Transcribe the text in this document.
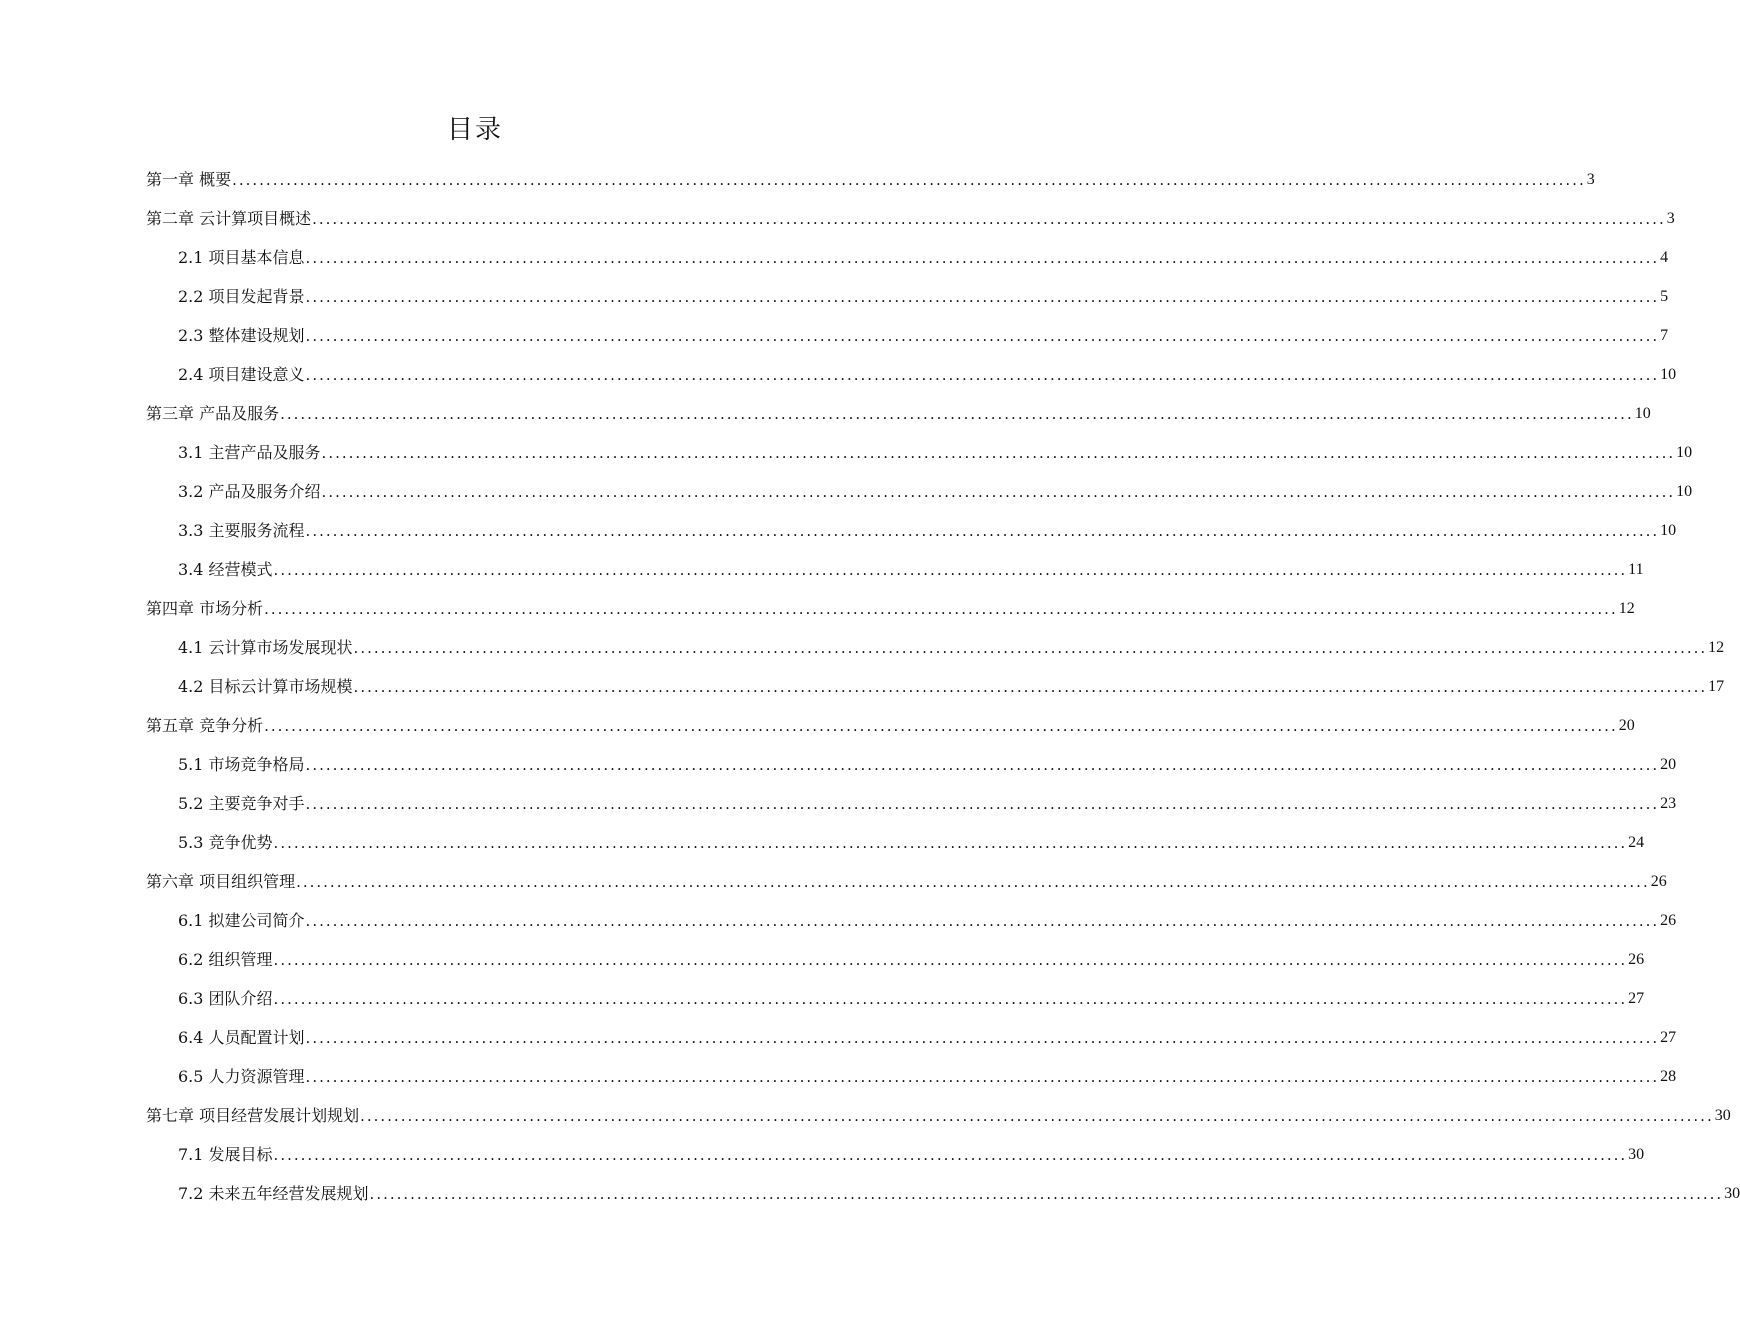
目录
第一章 概要 ........................................................................................................................................................................................................ 3
第二章 云计算项目概述 ........................................................................................................................................................................................................ 3
2.1 项目基本信息 ........................................................................................................................................................................................................ 4
2.2 项目发起背景 ........................................................................................................................................................................................................ 5
2.3 整体建设规划 ........................................................................................................................................................................................................ 7
2.4 项目建设意义 ........................................................................................................................................................................................................ 10
第三章 产品及服务 ........................................................................................................................................................................................................ 10
3.1 主营产品及服务 ........................................................................................................................................................................................................ 10
3.2 产品及服务介绍 ........................................................................................................................................................................................................ 10
3.3 主要服务流程 ........................................................................................................................................................................................................ 10
3.4 经营模式 ........................................................................................................................................................................................................ 11
第四章 市场分析 ........................................................................................................................................................................................................ 12
4.1 云计算市场发展现状 ........................................................................................................................................................................................................ 12
4.2 目标云计算市场规模 ........................................................................................................................................................................................................ 17
第五章 竞争分析 ........................................................................................................................................................................................................ 20
5.1 市场竞争格局 ........................................................................................................................................................................................................ 20
5.2 主要竞争对手 ........................................................................................................................................................................................................ 23
5.3 竞争优势 ........................................................................................................................................................................................................ 24
第六章 项目组织管理 ........................................................................................................................................................................................................ 26
6.1 拟建公司简介 ........................................................................................................................................................................................................ 26
6.2 组织管理 ........................................................................................................................................................................................................ 26
6.3 团队介绍 ........................................................................................................................................................................................................ 27
6.4 人员配置计划 ........................................................................................................................................................................................................ 27
6.5 人力资源管理 ........................................................................................................................................................................................................ 28
第七章 项目经营发展计划规划 ........................................................................................................................................................................................................ 30
7.1 发展目标 ........................................................................................................................................................................................................ 30
7.2 未来五年经营发展规划 ........................................................................................................................................................................................................ 30
